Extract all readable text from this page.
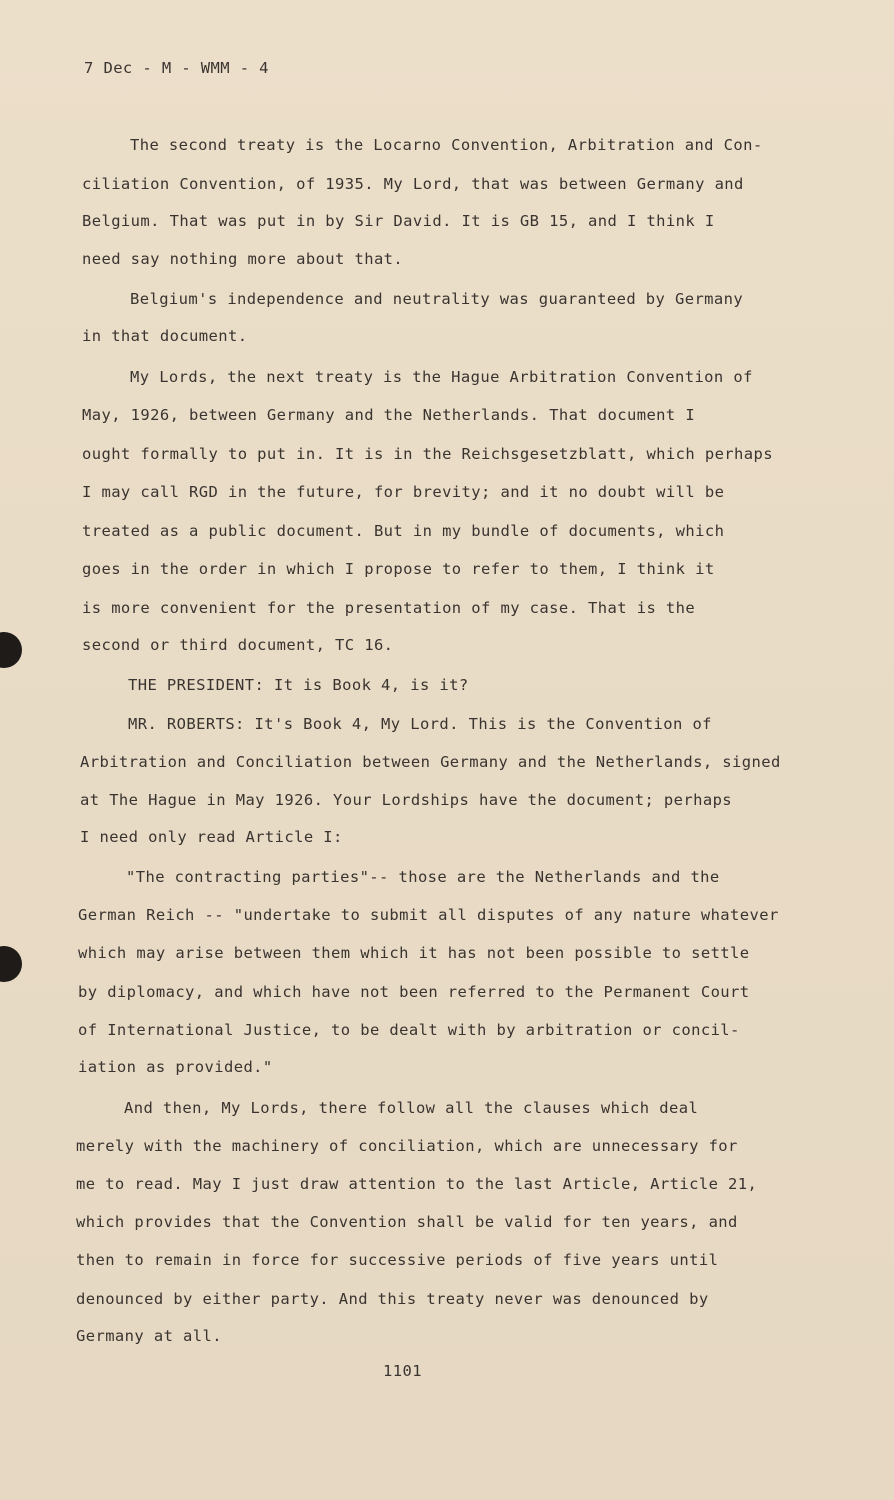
7 Dec - M - WMM - 4
The second treaty is the Locarno Convention, Arbitration and Con-
ciliation Convention, of 1935. My Lord, that was between Germany and
Belgium. That was put in by Sir David. It is GB 15, and I think I
need say nothing more about that.
Belgium's independence and neutrality was guaranteed by Germany
in that document.
My Lords, the next treaty is the Hague Arbitration Convention of
May, 1926, between Germany and the Netherlands. That document I
ought formally to put in. It is in the Reichsgesetzblatt, which perhaps
I may call RGD in the future, for brevity; and it no doubt will be
treated as a public document. But in my bundle of documents, which
goes in the order in which I propose to refer to them, I think it
is more convenient for the presentation of my case. That is the
second or third document, TC 16.
THE PRESIDENT: It is Book 4, is it?
MR. ROBERTS: It's Book 4, My Lord. This is the Convention of
Arbitration and Conciliation between Germany and the Netherlands, signed
at The Hague in May 1926. Your Lordships have the document; perhaps
I need only read Article I:
"The contracting parties"-- those are the Netherlands and the
German Reich -- "undertake to submit all disputes of any nature whatever
which may arise between them which it has not been possible to settle
by diplomacy, and which have not been referred to the Permanent Court
of International Justice, to be dealt with by arbitration or concil-
iation as provided."
And then, My Lords, there follow all the clauses which deal
merely with the machinery of conciliation, which are unnecessary for
me to read. May I just draw attention to the last Article, Article 21,
which provides that the Convention shall be valid for ten years, and
then to remain in force for successive periods of five years until
denounced by either party. And this treaty never was denounced by
Germany at all.
1101
